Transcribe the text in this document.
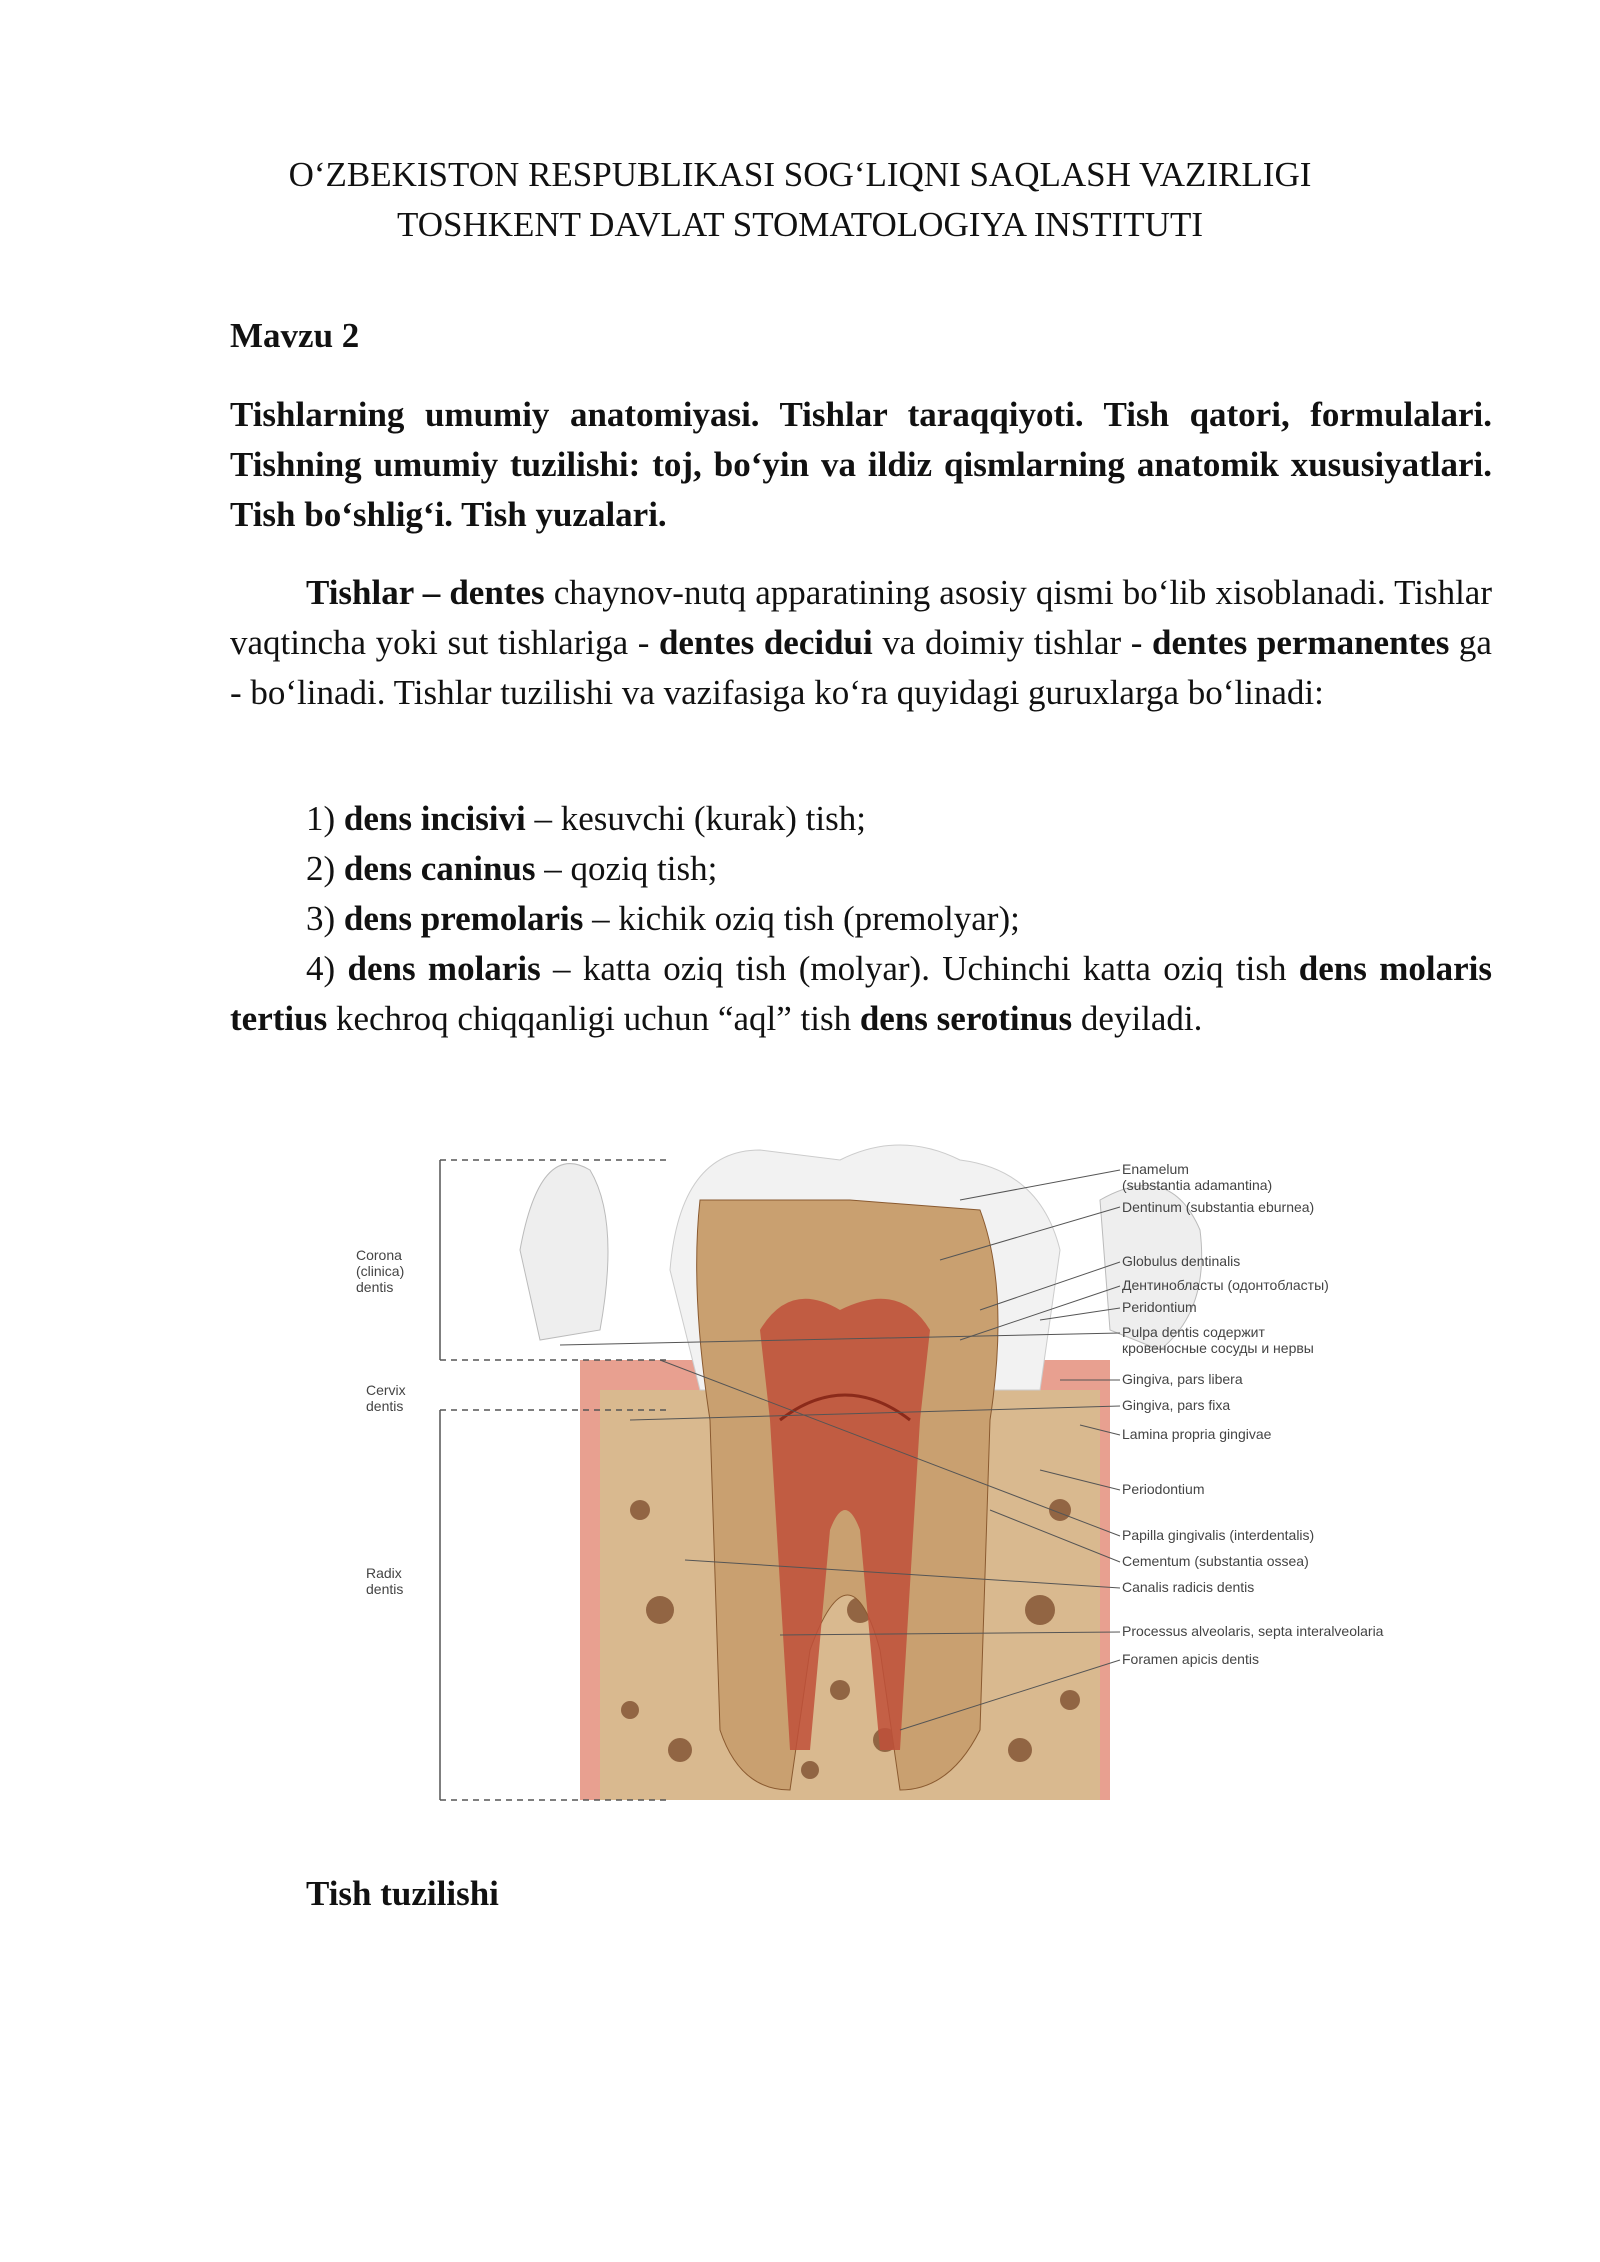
O‘ZBEKISTON RESPUBLIKASI SOG‘LIQNI SAQLASH VAZIRLIGI
TOSHKENT DAVLAT STOMATOLOGIYA INSTITUTI
Mavzu 2
Tishlarning umumiy anatomiyasi. Tishlar taraqqiyoti. Tish qatori, formulalari. Tishning umumiy tuzilishi: toj, bo‘yin va ildiz qismlarning anatomik xususiyatlari. Tish bo‘shlig‘i. Tish yuzalari.
Tishlar – dentes chaynov-nutq apparatining asosiy qismi bo‘lib xisoblanadi. Tishlar vaqtincha yoki sut tishlariga - dentes decidui va doimiy tishlar - dentes permanentes ga - bo‘linadi. Tishlar tuzilishi va vazifasiga ko‘ra quyidagi guruxlarga bo‘linadi:
1) dens incisivi – kesuvchi (kurak) tish;
2) dens caninus – qoziq tish;
3) dens premolaris – kichik oziq tish (premolyar);
4) dens molaris – katta oziq tish (molyar). Uchinchi katta oziq tish dens molaris tertius kechroq chiqqanligi uchun “aql” tish dens serotinus deyiladi.
Corona
(clinica)
dentis
Cervix
dentis
Radix
dentis
Enamelum
(substantia adamantina)
Dentinum (substantia eburnea)
Globulus dentinalis
Дентинобласты (одонтобласты)
Peridontium
Pulpa dentis содержит
кровеносные сосуды и нервы
Gingiva, pars libera
Gingiva, pars fixa
Lamina propria gingivae
Periodontium
Papilla gingivalis (interdentalis)
Cementum (substantia ossea)
Canalis radicis dentis
Processus alveolaris, septa interalveolaria
Foramen apicis dentis
Tish tuzilishi
